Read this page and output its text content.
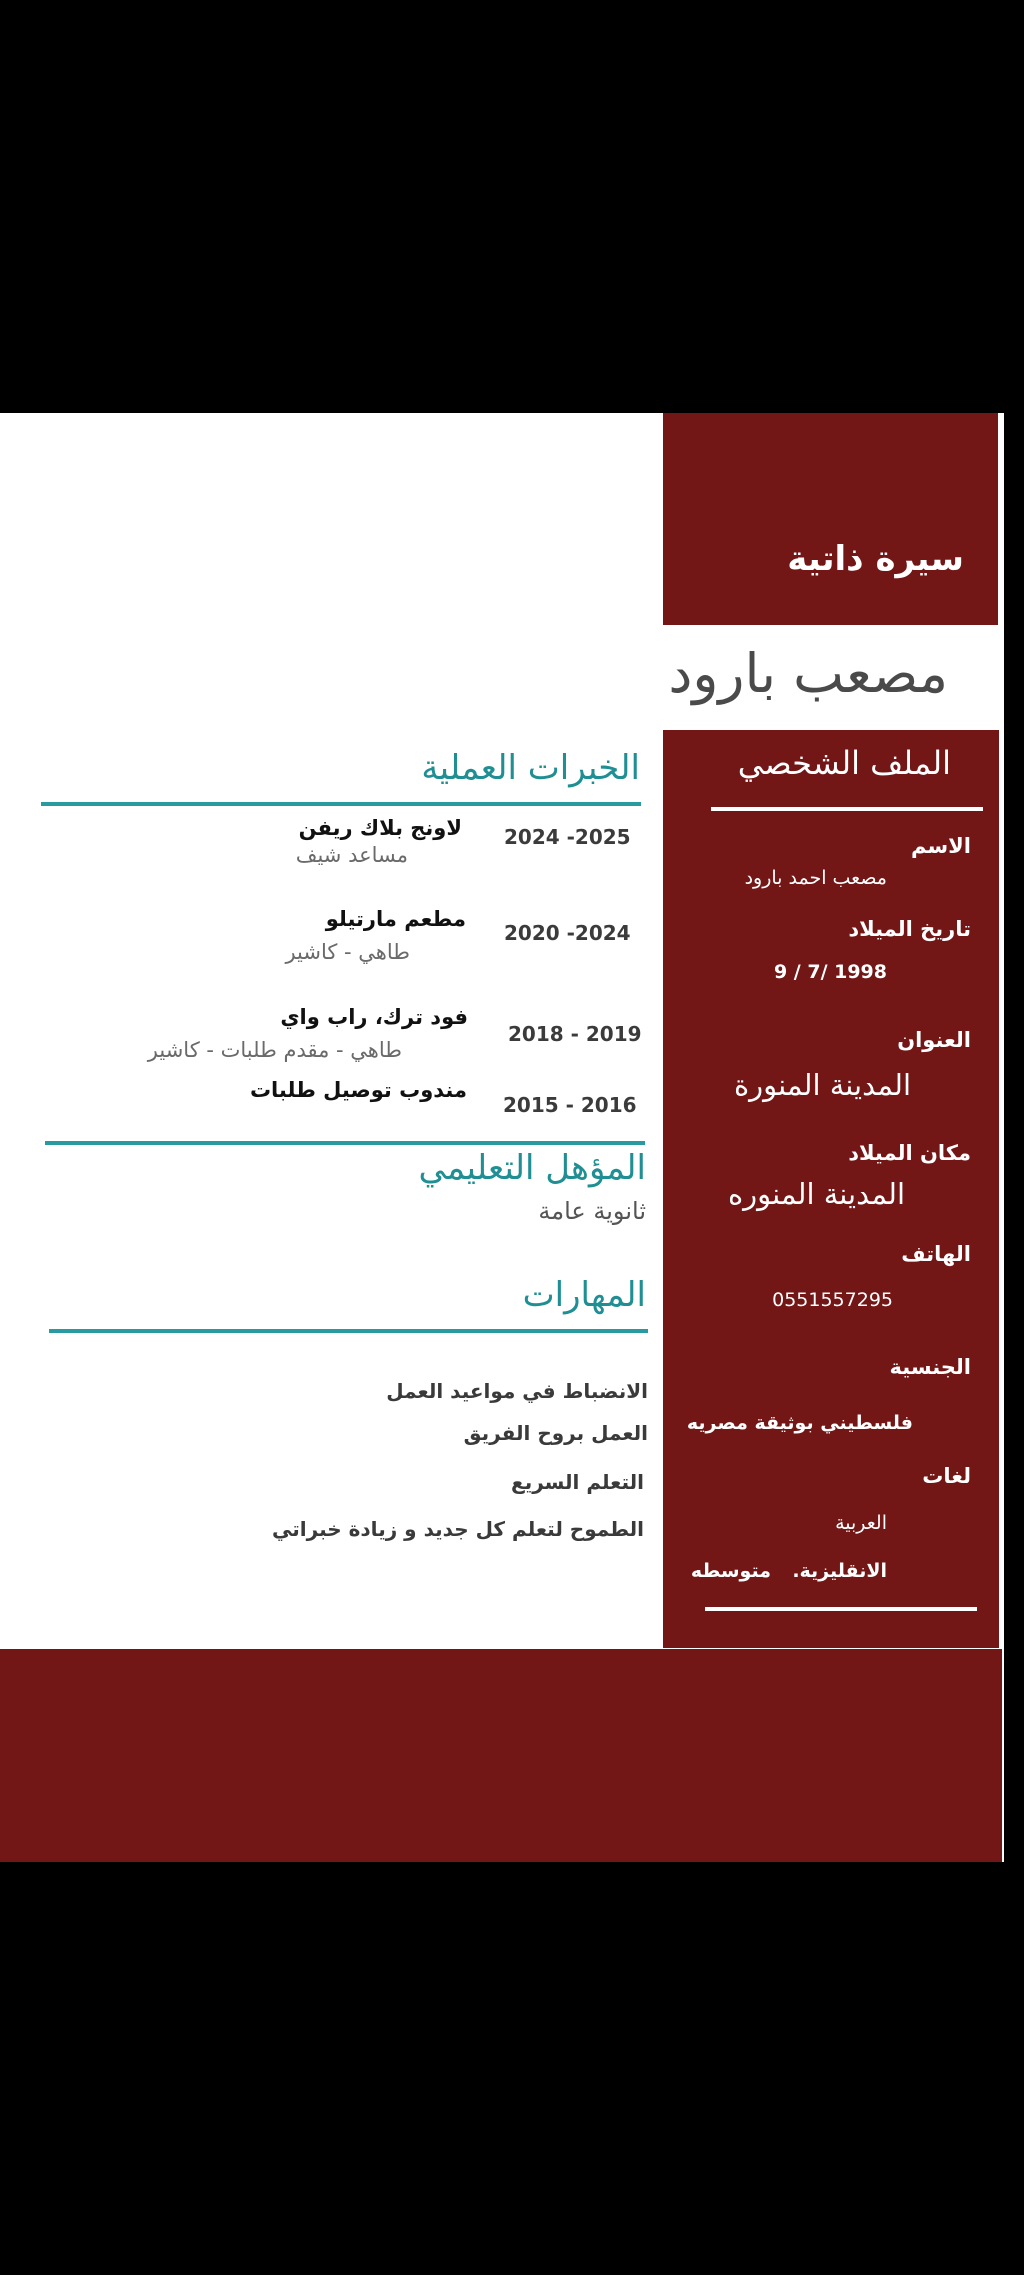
سيرة ذاتية
مصعب بارود
الملف الشخصي
الاسم
مصعب احمد بارود
تاريخ الميلاد
9 / 7/ 1998
العنوان
المدينة المنورة
مكان الميلاد
المدينة المنوره
الهاتف
0551557295
الجنسية
فلسطيني بوثيقة مصريه
لغات
العربية
الانقليزية.
متوسطه
الخبرات العملية
2024 -2025
لاونج بلاك ريفن
مساعد شيف
2020 -2024
مطعم مارتيلو
طاهي - كاشير
2018 - 2019
فود ترك، راب واي
طاهي - مقدم طلبات - كاشير
2015 - 2016
مندوب توصيل طلبات
المؤهل التعليمي
ثانوية عامة
المهارات
الانضباط في مواعيد العمل
العمل بروح الفريق
التعلم السريع
الطموح لتعلم كل جديد و زيادة خبراتي
